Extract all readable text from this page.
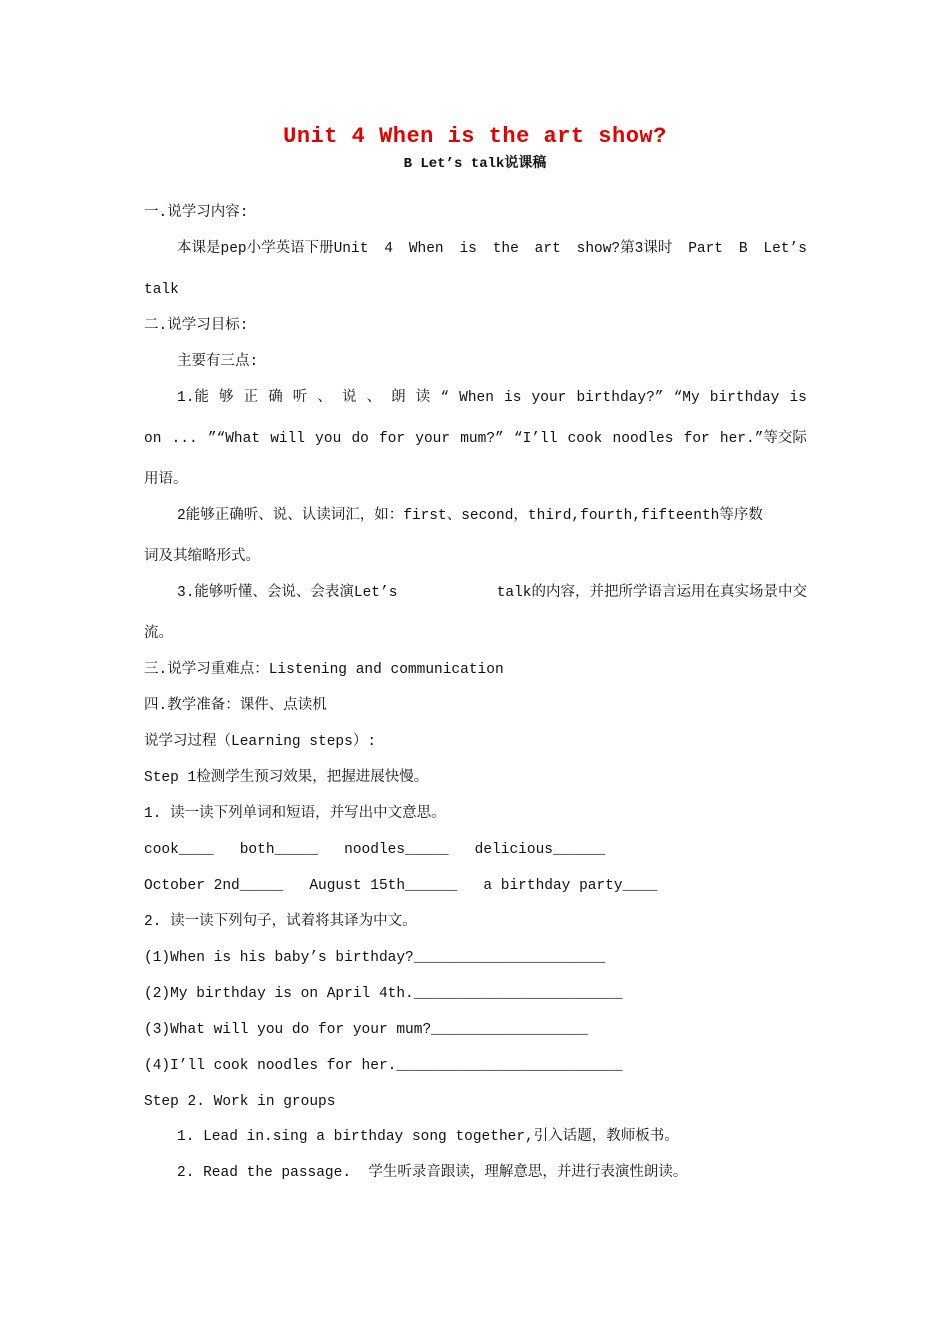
Unit 4 When is the art show?
B Let’s talk说课稿
一.说学习内容:
本课是pep小学英语下册Unit 4 When is the art show?第3课时 Part B Let’s
talk
二.说学习目标:
主要有三点:
1.能 够 正 确 听 、 说 、 朗 读 “ When is your birthday?” “My birthday is
on ... ”“What will you do for your mum?” “I’ll cook noodles for her.”等交际
用语。
2能够正确听、说、认读词汇，如：first、second，third,fourth,fifteenth等序数
词及其缩略形式。
3.能够听懂、会说、会表演Let’s	talk的内容，并把所学语言运用在真实场景中交
流。
三.说学习重难点：Listening and communication
四.教学准备：课件、点读机
说学习过程（Learning steps）:
Step 1检测学生预习效果，把握进展快慢。
1. 读一读下列单词和短语，并写出中文意思。
cook____   both_____   noodles_____   delicious______
October 2nd_____   August 15th______   a birthday party____
2. 读一读下列句子，试着将其译为中文。
(1)When is his baby’s birthday?______________________
(2)My birthday is on April 4th.________________________
(3)What will you do for your mum?__________________
(4)I’ll cook noodles for her.__________________________
Step 2. Work in groups
1. Lead in.sing a birthday song together,引入话题，教师板书。
2. Read the passage.  学生听录音跟读，理解意思，并进行表演性朗读。
